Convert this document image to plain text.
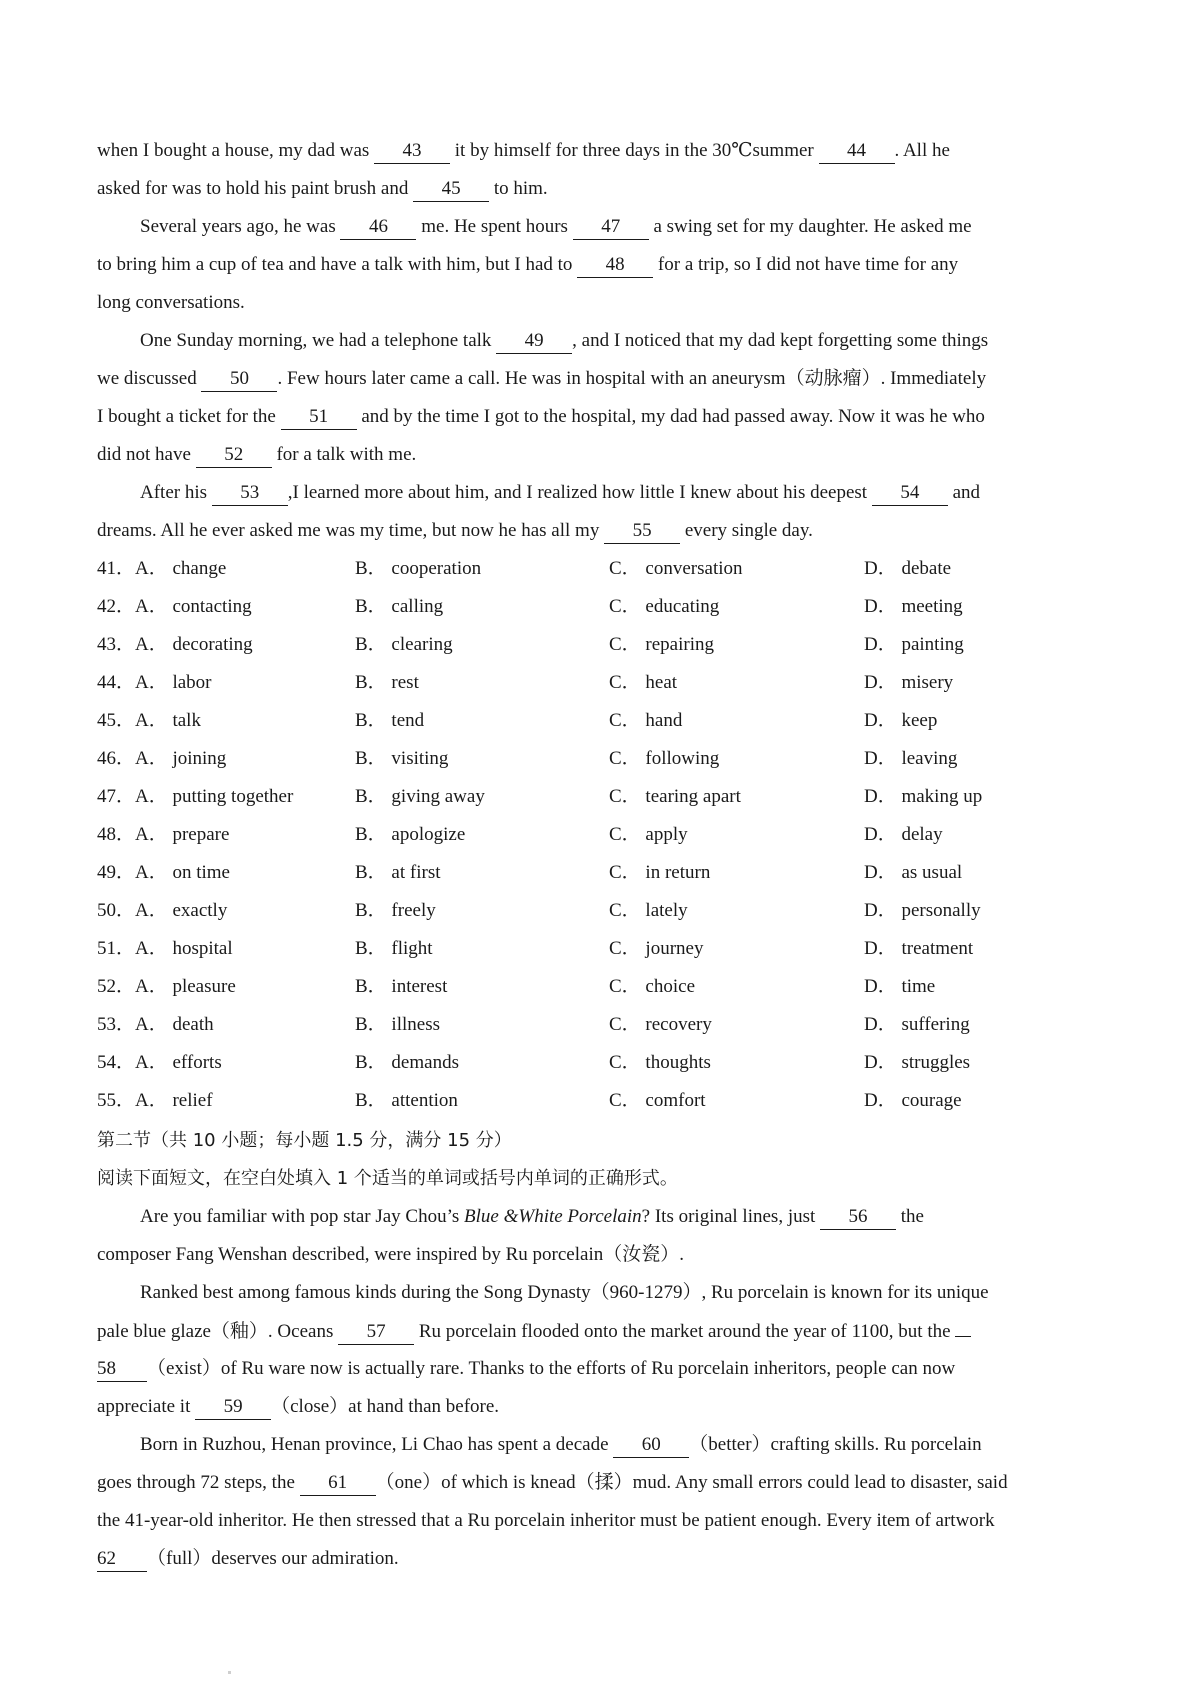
when I bought a house, my dad was 43 it by himself for three days in the 30℃summer 44 . All he
asked for was to hold his paint brush and 45 to him.
Several years ago, he was 46 me. He spent hours 47 a swing set for my daughter. He asked me
to bring him a cup of tea and have a talk with him, but I had to 48 for a trip, so I did not have time for any
long conversations.
One Sunday morning, we had a telephone talk 49 , and I noticed that my dad kept forgetting some things
we discussed 50 . Few hours later came a call. He was in hospital with an aneurysm（动脉瘤）. Immediately
I bought a ticket for the 51 and by the time I got to the hospital, my dad had passed away. Now it was he who
did not have 52 for a talk with me.
After his 53 ,I learned more about him, and I realized how little I knew about his deepest 54 and
dreams. All he ever asked me was my time, but now he has all my 55 every single day.
41．A． change	B． cooperation	C． conversation	D． debate
42．A． contacting	B． calling	C． educating	D． meeting
43．A． decorating	B． clearing	C． repairing	D． painting
44．A． labor	B． rest	C． heat	D． misery
45．A． talk	B． tend	C． hand	D． keep
46．A． joining	B． visiting	C． following	D． leaving
47．A． putting together	B． giving away	C． tearing apart	D． making up
48．A． prepare	B． apologize	C． apply	D． delay
49．A． on time	B． at first	C． in return	D． as usual
50．A． exactly	B． freely	C． lately	D． personally
51．A． hospital	B． flight	C． journey	D． treatment
52．A． pleasure	B． interest	C． choice	D． time
53．A． death	B． illness	C． recovery	D． suffering
54．A． efforts	B． demands	C． thoughts	D． struggles
55．A． relief	B． attention	C． comfort	D． courage
第二节（共 10 小题；每小题 1.5 分，满分 15 分）
阅读下面短文，在空白处填入 1 个适当的单词或括号内单词的正确形式。
Are you familiar with pop star Jay Chou’s Blue &White Porcelain? Its original lines, just 56 the
composer Fang Wenshan described, were inspired by Ru porcelain（汝瓷）.
Ranked best among famous kinds during the Song Dynasty（960-1279）, Ru porcelain is known for its unique
pale blue glaze（釉）. Oceans 57 Ru porcelain flooded onto the market around the year of 1100, but the
58 （exist）of Ru ware now is actually rare. Thanks to the efforts of Ru porcelain inheritors, people can now
appreciate it 59 （close）at hand than before.
Born in Ruzhou, Henan province, Li Chao has spent a decade 60 （better）crafting skills. Ru porcelain
goes through 72 steps, the 61 （one）of which is knead（揉）mud. Any small errors could lead to disaster, said
the 41-year-old inheritor. He then stressed that a Ru porcelain inheritor must be patient enough. Every item of artwork
62 （full）deserves our admiration.
